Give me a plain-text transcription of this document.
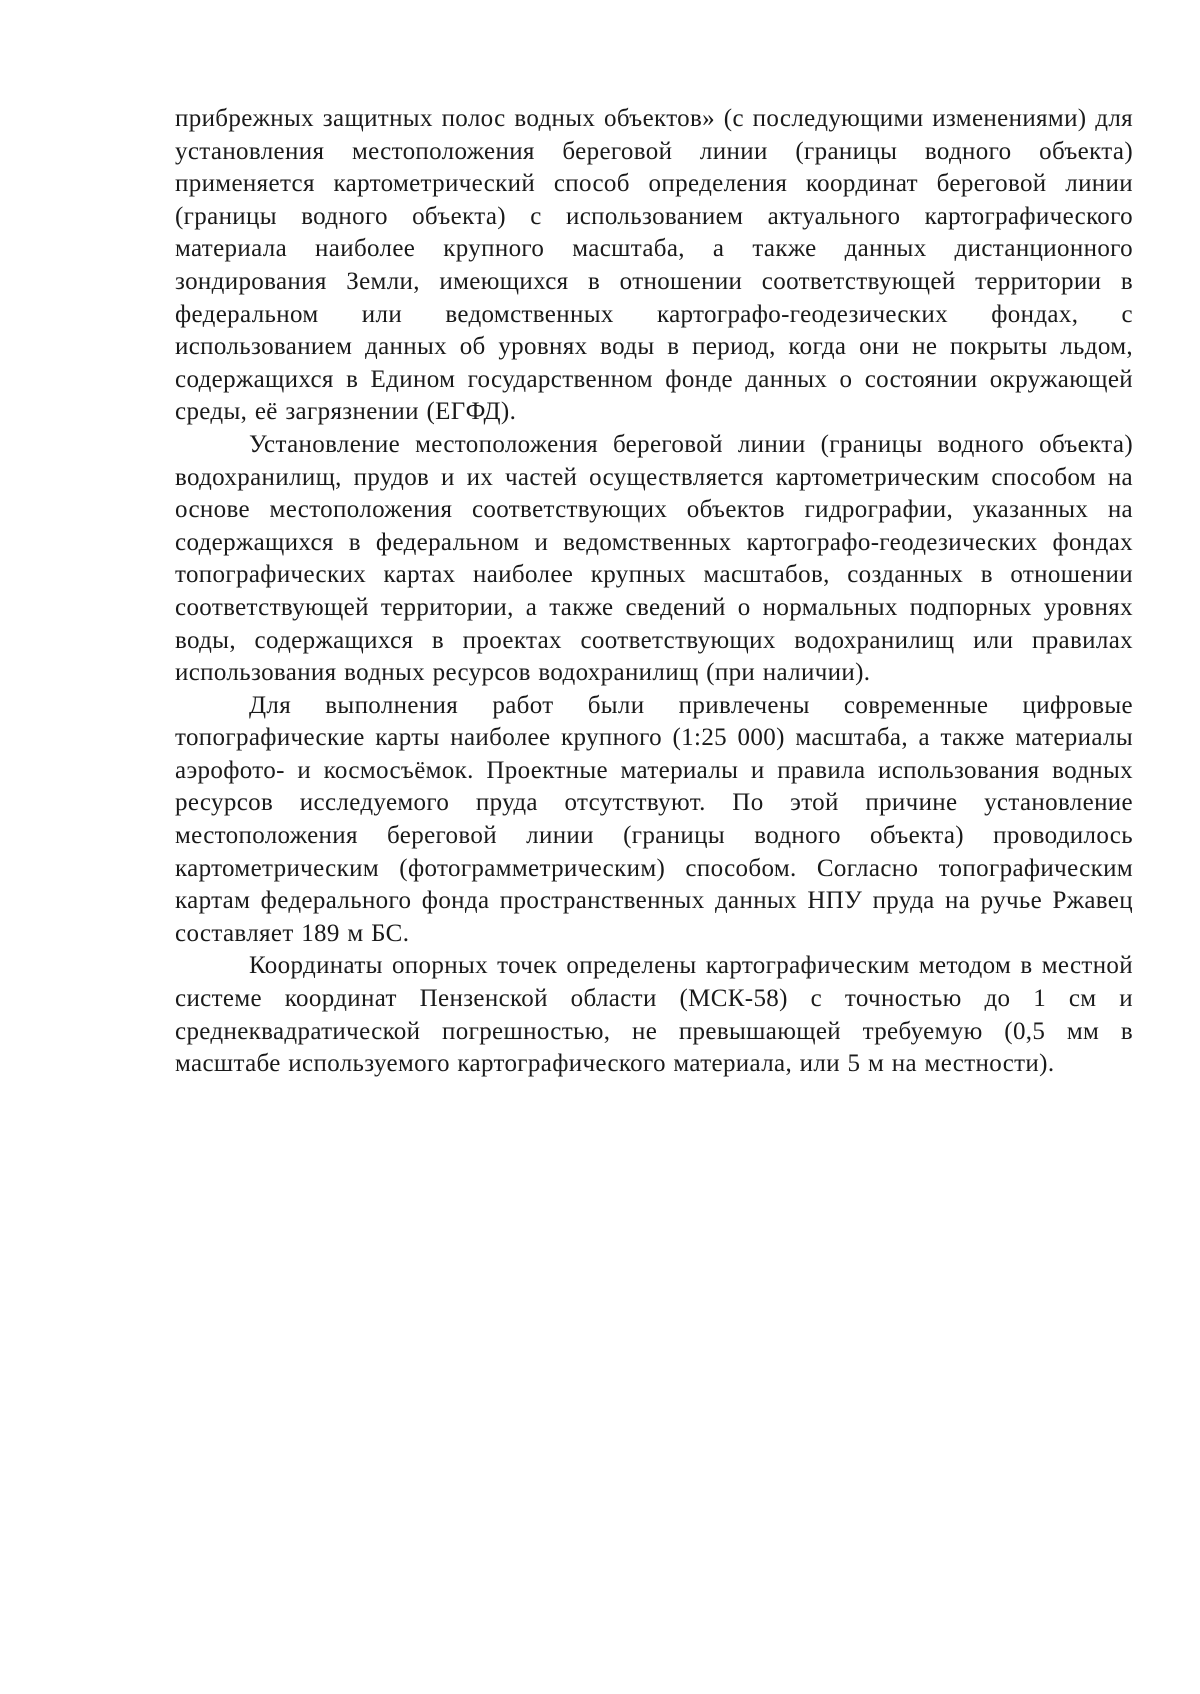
прибрежных защитных полос водных объектов» (с последующими изменениями) для установления местоположения береговой линии (границы водного объекта) применяется картометрический способ определения координат береговой линии (границы водного объекта) с использованием актуального картографического материала наиболее крупного масштаба, а также данных дистанционного зондирования Земли, имеющихся в отношении соответствующей территории в федеральном или ведомственных картографо-геодезических фондах, с использованием данных об уровнях воды в период, когда они не покрыты льдом, содержащихся в Едином государственном фонде данных о состоянии окружающей среды, её загрязнении (ЕГФД).

Установление местоположения береговой линии (границы водного объекта) водохранилищ, прудов и их частей осуществляется картометрическим способом на основе местоположения соответствующих объектов гидрографии, указанных на содержащихся в федеральном и ведомственных картографо-геодезических фондах топографических картах наиболее крупных масштабов, созданных в отношении соответствующей территории, а также сведений о нормальных подпорных уровнях воды, содержащихся в проектах соответствующих водохранилищ или правилах использования водных ресурсов водохранилищ (при наличии).

Для выполнения работ были привлечены современные цифровые топографические карты наиболее крупного (1:25 000) масштаба, а также материалы аэрофото- и космосъёмок. Проектные материалы и правила использования водных ресурсов исследуемого пруда отсутствуют. По этой причине установление местоположения береговой линии (границы водного объекта) проводилось картометрическим (фотограмметрическим) способом. Согласно топографическим картам федерального фонда пространственных данных НПУ пруда на ручье Ржавец составляет 189 м БС.

Координаты опорных точек определены картографическим методом в местной системе координат Пензенской области (МСК-58) с точностью до 1 см и среднеквадратической погрешностью, не превышающей требуемую (0,5 мм в масштабе используемого картографического материала, или 5 м на местности).
